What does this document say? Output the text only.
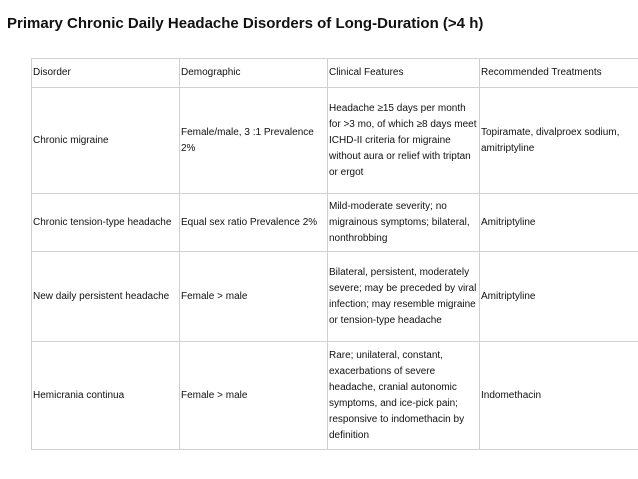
Primary Chronic Daily Headache Disorders of Long-Duration (>4 h)
Disorder	Demographic	Clinical Features	Recommended Treatments
Chronic migraine	Female/male, 3 :1 Prevalence 2%	Headache ≥15 days per month for >3 mo, of which ≥8 days meet ICHD-II criteria for migraine without aura or relief with triptan or ergot	Topiramate, divalproex sodium, amitriptyline
Chronic tension-type headache	Equal sex ratio Prevalence 2%	Mild-moderate severity; no migrainous symptoms; bilateral, nonthrobbing	Amitriptyline
New daily persistent headache	Female > male	Bilateral, persistent, moderately severe; may be preceded by viral infection; may resemble migraine or tension-type headache	Amitriptyline
Hemicrania continua	Female > male	Rare; unilateral, constant, exacerbations of severe headache, cranial autonomic symptoms, and ice-pick pain; responsive to indomethacin by definition	Indomethacin
